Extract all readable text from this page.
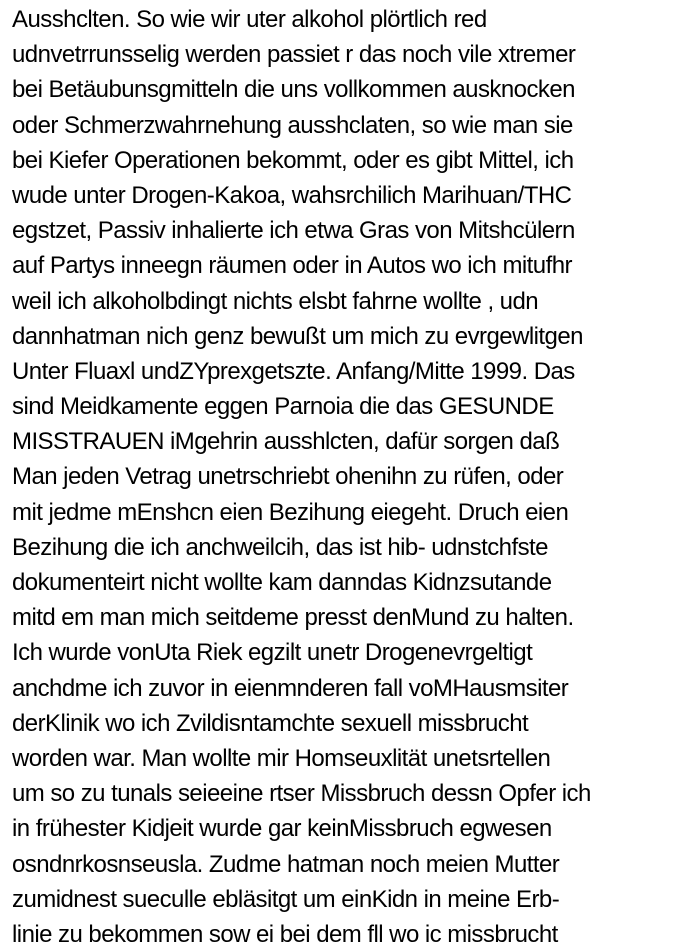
Ausshclten. So wie wir uter alkohol plörtlich red
udnvetrrunsselig werden passiet r das noch vile xtremer
bei Betäubunsgmitteln die uns vollkommen ausknocken
oder Schmerzwahrnehung ausshclaten, so wie man sie
bei Kiefer Operationen bekommt, oder es gibt Mittel, ich
wude unter Drogen-Kakoa, wahsrchilich Marihuan/THC
egstzet, Passiv inhalierte ich etwa Gras von Mitshcülern
auf Partys inneegn räumen oder in Autos wo ich mitufhr
weil ich alkoholbdingt nichts elsbt fahrne wollte , udn
dannhatman nich genz bewußt um mich zu evrgewlitgen
Unter Fluaxl undZYprexgetszte. Anfang/Mitte 1999. Das
sind Meidkamente eggen Parnoia die das GESUNDE
MISSTRAUEN iMgehrin ausshlcten, dafür sorgen daß
Man jeden Vetrag unetrschriebt ohenihn zu rüfen, oder
mit jedme mEnshcn eien Bezihung eiegeht. Druch eien
Bezihung die ich anchweilcih, das ist hib- udnstchfste
dokumenteirt nicht wollte kam danndas Kidnzsutande
mitd em man mich seitdeme presst denMund zu halten.
Ich wurde vonUta Riek egzilt unetr Drogenevrgeltigt
anchdme ich zuvor in eienmnderen fall voMHausmsiter
derKlinik wo ich Zvildisntamchte sexuell missbrucht
worden war. Man wollte mir Homseuxlität unetsrtellen
um so zu tunals seieeine rtser Missbruch dessn Opfer ich
in frühester Kidjeit wurde gar keinMissbruch egwesen
osndnrkosnseusla. Zudme hatman noch meien Mutter
zumidnest sueculle ebläsitgt um einKidn in meine Erb-
linie zu bekommen sow ei bei dem fll wo ic missbrucht
